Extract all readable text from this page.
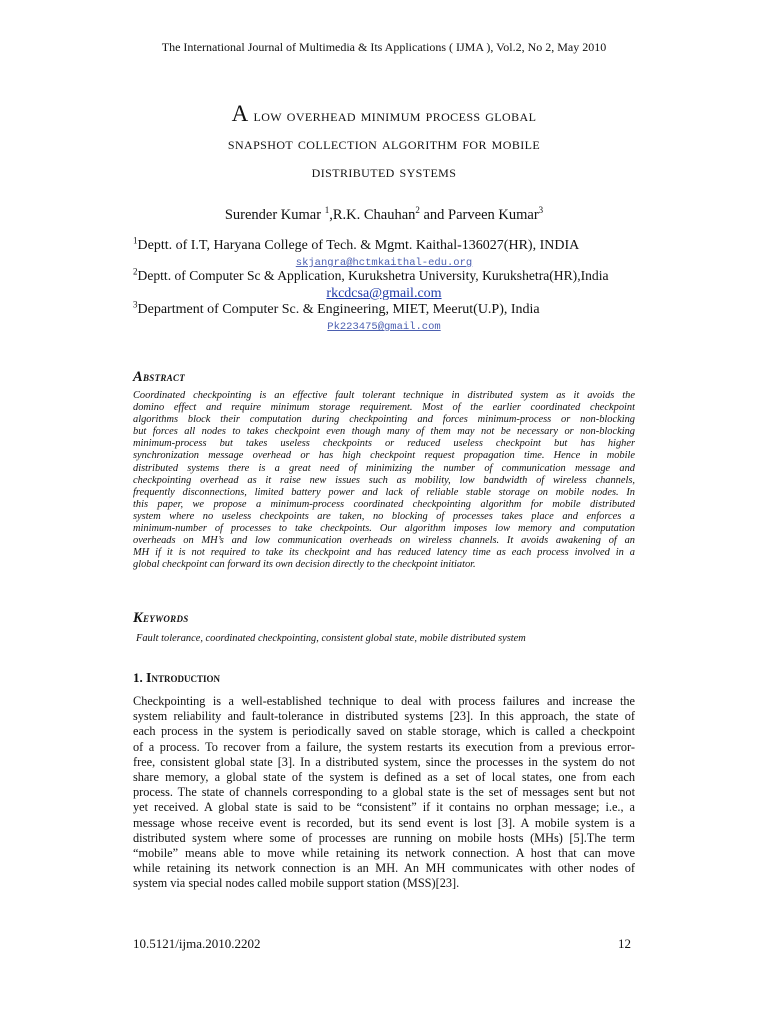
The International Journal of Multimedia & Its Applications ( IJMA ), Vol.2, No 2, May 2010
A low overhead minimum process global
snapshot collection algorithm for mobile
distributed systems
Surender Kumar $^1$,R.K. Chauhan$^2$ and Parveen Kumar$^3$
$^1$Deptt. of I.T, Haryana College of Tech. & Mgmt. Kaithal-136027(HR), INDIA
skjangra@hctmkaithal-edu.org
$^2$Deptt. of Computer Sc & Application, Kurukshetra University, Kurukshetra(HR),India
rkcdcsa@gmail.com
$^3$Department of Computer Sc. & Engineering, MIET, Meerut(U.P), India
Pk223475@gmail.com
Abstract
Coordinated checkpointing is an effective fault tolerant technique in distributed system as it avoids the
domino effect and require minimum storage requirement. Most of the earlier coordinated checkpoint
algorithms block their computation during checkpointing and forces minimum-process or non-blocking
but forces all nodes to takes checkpoint even though many of them may not be necessary or non-blocking
minimum-process but takes useless checkpoints or reduced useless checkpoint but has higher
synchronization message overhead or has high checkpoint request propagation time. Hence in mobile
distributed systems there is a great need of minimizing the number of communication message and
checkpointing overhead as it raise new issues such as mobility, low bandwidth of wireless channels,
frequently disconnections, limited battery power and lack of reliable stable storage on mobile nodes. In
this paper, we propose a minimum-process coordinated checkpointing algorithm for mobile distributed
system where no useless checkpoints are taken, no blocking of processes takes place and enforces a
minimum-number of processes to take checkpoints. Our algorithm imposes low memory and computation
overheads on MH’s and low communication overheads on wireless channels. It avoids awakening of an
MH if it is not required to take its checkpoint and has reduced latency time as each process involved in a
global checkpoint can forward its own decision directly to the checkpoint initiator.
Keywords
Fault tolerance, coordinated checkpointing, consistent global state, mobile distributed system
1. Introduction
Checkpointing is a well-established technique to deal with process failures and increase the
system reliability and fault-tolerance in distributed systems [23]. In this approach, the state of
each process in the system is periodically saved on stable storage, which is called a checkpoint
of a process. To recover from a failure, the system restarts its execution from a previous error-
free, consistent global state [3]. In a distributed system, since the processes in the system do not
share memory, a global state of the system is defined as a set of local states, one from each
process. The state of channels corresponding to a global state is the set of messages sent but not
yet received. A global state is said to be “consistent” if it contains no orphan message; i.e., a
message whose receive event is recorded, but its send event is lost [3]. A mobile system is a
distributed system where some of processes are running on mobile hosts (MHs) [5].The term
“mobile” means able to move while retaining its network connection. A host that can move
while retaining its network connection is an MH. An MH communicates with other nodes of
system via special nodes called mobile support station (MSS)[23].
10.5121/ijma.2010.2202	12
